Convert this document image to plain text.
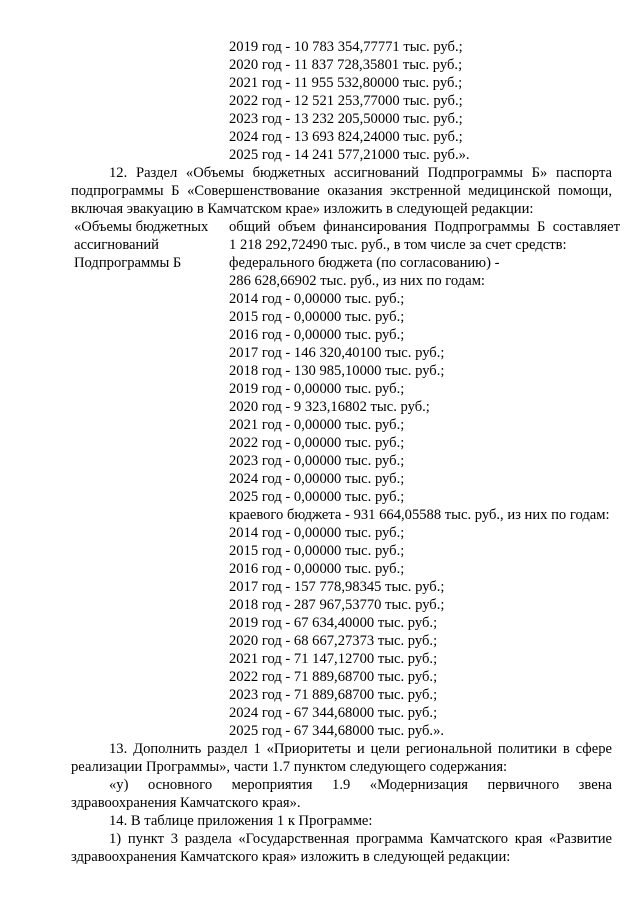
2019 год - 10 783 354,77771 тыс. руб.;
2020 год - 11 837 728,35801 тыс. руб.;
2021 год - 11 955 532,80000 тыс. руб.;
2022 год - 12 521 253,77000 тыс. руб.;
2023 год - 13 232 205,50000 тыс. руб.;
2024 год - 13 693 824,24000 тыс. руб.;
2025 год - 14 241 577,21000 тыс. руб.».
12. Раздел «Объемы бюджетных ассигнований Подпрограммы Б» паспорта
подпрограммы Б «Совершенствование оказания экстренной медицинской помощи,
включая эвакуацию в Камчатском крае» изложить в следующей редакции:
«Объемы бюджетных
ассигнований
Подпрограммы Б
общий объем финансирования Подпрограммы Б составляет
1 218 292,72490 тыс. руб., в том числе за счет средств:
федерального бюджета (по согласованию) -
286 628,66902 тыс. руб., из них по годам:
2014 год - 0,00000 тыс. руб.;
2015 год - 0,00000 тыс. руб.;
2016 год - 0,00000 тыс. руб.;
2017 год - 146 320,40100 тыс. руб.;
2018 год - 130 985,10000 тыс. руб.;
2019 год - 0,00000 тыс. руб.;
2020 год - 9 323,16802 тыс. руб.;
2021 год - 0,00000 тыс. руб.;
2022 год - 0,00000 тыс. руб.;
2023 год - 0,00000 тыс. руб.;
2024 год - 0,00000 тыс. руб.;
2025 год - 0,00000 тыс. руб.;
краевого бюджета - 931 664,05588 тыс. руб., из них по годам:
2014 год - 0,00000 тыс. руб.;
2015 год - 0,00000 тыс. руб.;
2016 год - 0,00000 тыс. руб.;
2017 год - 157 778,98345 тыс. руб.;
2018 год - 287 967,53770 тыс. руб.;
2019 год - 67 634,40000 тыс. руб.;
2020 год - 68 667,27373 тыс. руб.;
2021 год - 71 147,12700 тыс. руб.;
2022 год - 71 889,68700 тыс. руб.;
2023 год - 71 889,68700 тыс. руб.;
2024 год - 67 344,68000 тыс. руб.;
2025 год - 67 344,68000 тыс. руб.».
13. Дополнить раздел 1 «Приоритеты и цели региональной политики в сфере
реализации Программы», части 1.7 пунктом следующего содержания:
«у) основного мероприятия 1.9 «Модернизация первичного звена
здравоохранения Камчатского края».
14. В таблице приложения 1 к Программе:
1) пункт 3 раздела «Государственная программа Камчатского края «Развитие
здравоохранения Камчатского края» изложить в следующей редакции:
